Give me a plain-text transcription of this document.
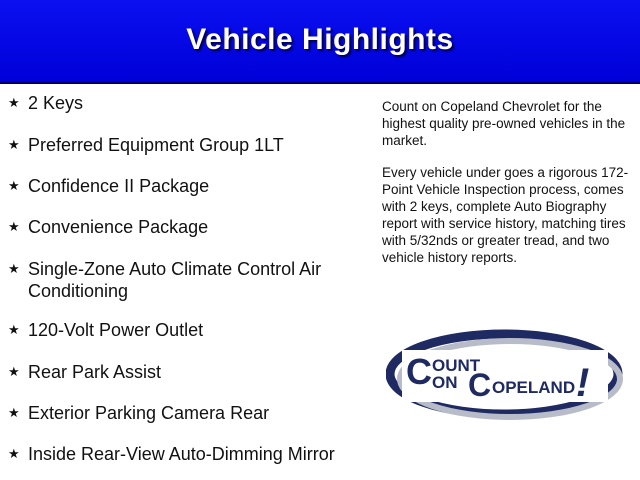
Vehicle Highlights
★ 2 Keys
★ Preferred Equipment Group 1LT
★ Confidence II Package
★ Convenience Package
★ Single-Zone Auto Climate Control Air Conditioning
★ 120-Volt Power Outlet
★ Rear Park Assist
★ Exterior Parking Camera Rear
★ Inside Rear-View Auto-Dimming Mirror

Count on Copeland Chevrolet for the highest quality pre-owned vehicles in the market.

Every vehicle under goes a rigorous 172-Point Vehicle Inspection process, comes with 2 keys, complete Auto Biography report with service history, matching tires with 5/32nds or greater tread, and two vehicle history reports.

C OUNT
ON C OPELAND !
